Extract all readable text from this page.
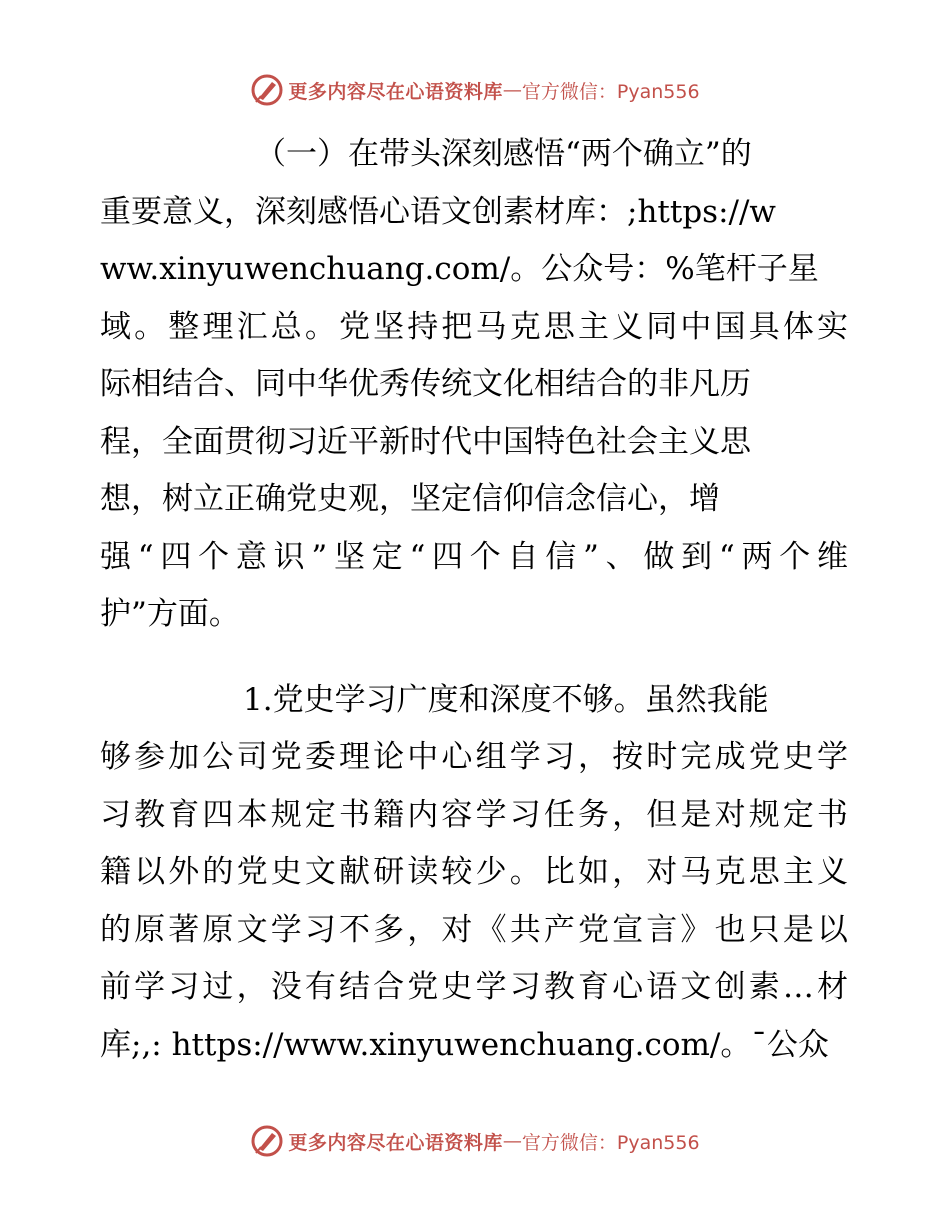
更多内容尽在心语资料库 — 官方微信：Pyan556
（一）在带头深刻感悟“两个确立”的
重要意义，深刻感悟心语文创素材库：;https://w
ww.xinyuwenchuang.com/。公众号：%笔杆子星
域。整理汇总。党坚持把马克思主义同中国具体实
际相结合、同中华优秀传统文化相结合的非凡历
程，全面贯彻习近平新时代中国特色社会主义思
想，树立正确党史观，坚定信仰信念信心，增
强“四个意识”坚定“四个自信”、做到“两个维
护”方面。
1.党史学习广度和深度不够。虽然我能
够参加公司党委理论中心组学习，按时完成党史学
习教育四本规定书籍内容学习任务，但是对规定书
籍以外的党史文献研读较少。比如，对马克思主义
的原著原文学习不多，对《共产党宣言》也只是以
前学习过，没有结合党史学习教育心语文创素…材
库;,: https://www.xinyuwenchuang.com/。¯公众
更多内容尽在心语资料库 — 官方微信：Pyan556
